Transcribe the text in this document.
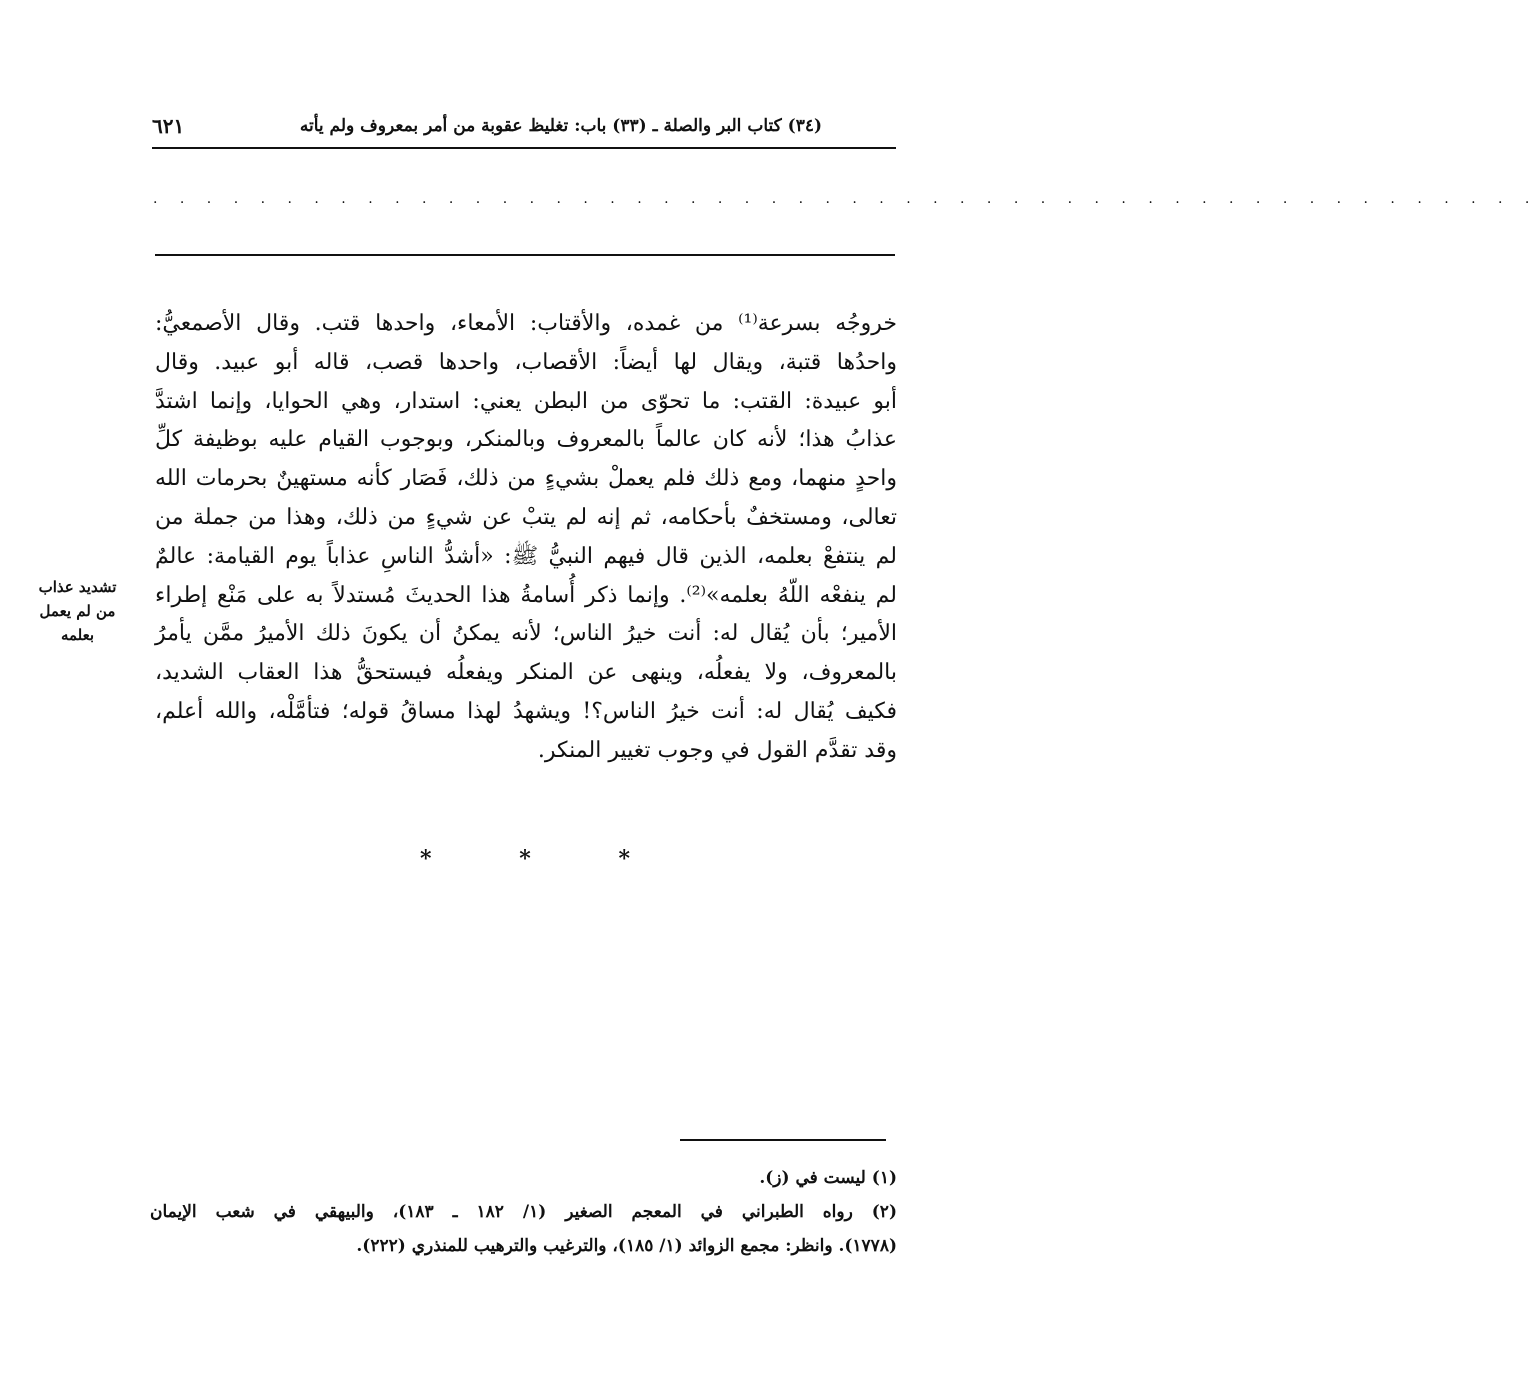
(٣٤) كتاب البر والصلة ـ (٣٣) باب: تغليظ عقوبة من أمر بمعروف ولم يأته
٦٢١
. . . . . . . . . . . . . . . . . . . . . . . . . . . . . . . . . . . . . . . . . . . . . . . . . . . .
خروجُه بسرعة⁽¹⁾ من غمده، والأقتاب: الأمعاء، واحدها قتب. وقال الأصمعيُّ:
واحدُها قتبة، ويقال لها أيضاً: الأقصاب، واحدها قصب، قاله أبو عبيد. وقال
أبو عبيدة: القتب: ما تحوّى من البطن يعني: استدار، وهي الحوايا، وإنما اشتدَّ
عذابُ هذا؛ لأنه كان عالماً بالمعروف وبالمنكر، وبوجوب القيام عليه بوظيفة كلِّ
واحدٍ منهما، ومع ذلك فلم يعملْ بشيءٍ من ذلك، فَصَار كأنه مستهينٌ بحرمات الله
تعالى، ومستخفٌ بأحكامه، ثم إنه لم يتبْ عن شيءٍ من ذلك، وهذا من جملة من
لم ينتفعْ بعلمه، الذين قال فيهم النبيُّ ﷺ: «أشدُّ الناسِ عذاباً يوم القيامة: عالمٌ
لم ينفعْه اللّهُ بعلمه»⁽²⁾. وإنما ذكر أُسامةُ هذا الحديثَ مُستدلاً به على مَنْع إطراء
الأمير؛ بأن يُقال له: أنت خيرُ الناس؛ لأنه يمكنُ أن يكونَ ذلك الأميرُ ممَّن يأمرُ
بالمعروف، ولا يفعلُه، وينهى عن المنكر ويفعلُه فيستحقُّ هذا العقاب الشديد،
فكيف يُقال له: أنت خيرُ الناس؟! ويشهدُ لهذا مساقُ قوله؛ فتأمَّلْه، والله أعلم،
وقد تقدَّم القول في وجوب تغيير المنكر.
تشديد عذاب
من لم يعمل
بعلمه
*	*	*
(١) ليست في (ز).
(٢) رواه الطبراني في المعجم الصغير (١/ ١٨٢ ـ ١٨٣)، والبيهقي في شعب الإيمان
(١٧٧٨). وانظر: مجمع الزوائد (١/ ١٨٥)، والترغيب والترهيب للمنذري (٢٢٢).
